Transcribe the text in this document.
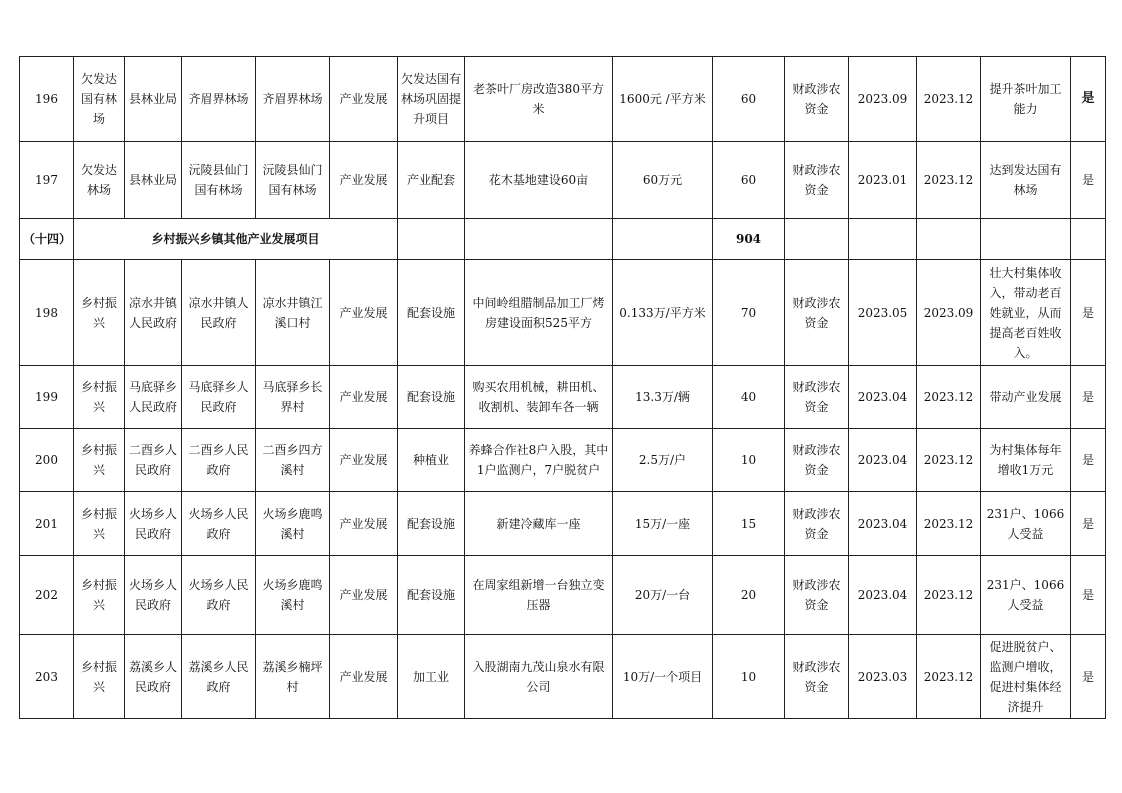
196	欠发达国有林场	县林业局	齐眉界林场	齐眉界林场	产业发展	欠发达国有林场巩固提升项目	老茶叶厂房改造380平方米	1600元 /平方米	60	财政涉农资金	2023.09	2023.12	提升茶叶加工能力	是
197	欠发达林场	县林业局	沅陵县仙门国有林场	沅陵县仙门国有林场	产业发展	产业配套	花木基地建设60亩	60万元	60	财政涉农资金	2023.01	2023.12	达到发达国有林场	是
（十四）	乡村振兴乡镇其他产业发展项目								904					
198	乡村振兴	凉水井镇人民政府	凉水井镇人民政府	凉水井镇江溪口村	产业发展	配套设施	中间岭组腊制品加工厂烤房建设面积525平方	0.133万/平方米	70	财政涉农资金	2023.05	2023.09	壮大村集体收入，带动老百姓就业，从而提高老百姓收入。	是
199	乡村振兴	马底驿乡人民政府	马底驿乡人民政府	马底驿乡长界村	产业发展	配套设施	购买农用机械，耕田机、收割机、装卸车各一辆	13.3万/辆	40	财政涉农资金	2023.04	2023.12	带动产业发展	是
200	乡村振兴	二酉乡人民政府	二酉乡人民政府	二酉乡四方溪村	产业发展	种植业	养蜂合作社8户入股，其中1户监测户，7户脱贫户	2.5万/户	10	财政涉农资金	2023.04	2023.12	为村集体每年增收1万元	是
201	乡村振兴	火场乡人民政府	火场乡人民政府	火场乡鹿鸣溪村	产业发展	配套设施	新建冷藏库一座	15万/一座	15	财政涉农资金	2023.04	2023.12	231户、1066人受益	是
202	乡村振兴	火场乡人民政府	火场乡人民政府	火场乡鹿鸣溪村	产业发展	配套设施	在周家组新增一台独立变压器	20万/一台	20	财政涉农资金	2023.04	2023.12	231户、1066人受益	是
203	乡村振兴	荔溪乡人民政府	荔溪乡人民政府	荔溪乡楠坪村	产业发展	加工业	入股湖南九茂山泉水有限公司	10万/一个项目	10	财政涉农资金	2023.03	2023.12	促进脱贫户、监测户增收，促进村集体经济提升	是
